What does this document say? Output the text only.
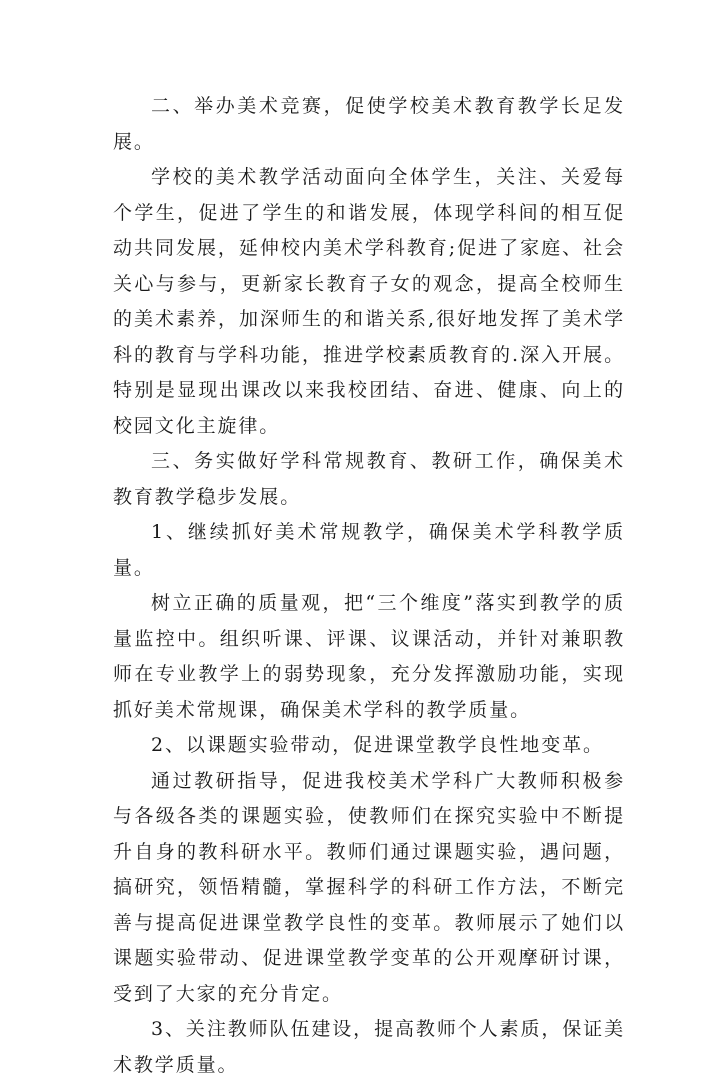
二、举办美术竞赛，促使学校美术教育教学长足发展。

学校的美术教学活动面向全体学生，关注、关爱每个学生，促进了学生的和谐发展，体现学科间的相互促动共同发展，延伸校内美术学科教育;促进了家庭、社会关心与参与，更新家长教育子女的观念，提高全校师生的美术素养，加深师生的和谐关系,很好地发挥了美术学科的教育与学科功能，推进学校素质教育的.深入开展。特别是显现出课改以来我校团结、奋进、健康、向上的校园文化主旋律。

三、务实做好学科常规教育、教研工作，确保美术教育教学稳步发展。

1、继续抓好美术常规教学，确保美术学科教学质量。

树立正确的质量观，把“三个维度”落实到教学的质量监控中。组织听课、评课、议课活动，并针对兼职教师在专业教学上的弱势现象，充分发挥激励功能，实现抓好美术常规课，确保美术学科的教学质量。

2、以课题实验带动，促进课堂教学良性地变革。

通过教研指导，促进我校美术学科广大教师积极参与各级各类的课题实验，使教师们在探究实验中不断提升自身的教科研水平。教师们通过课题实验，遇问题，搞研究，领悟精髓，掌握科学的科研工作方法，不断完善与提高促进课堂教学良性的变革。教师展示了她们以课题实验带动、促进课堂教学变革的公开观摩研讨课，受到了大家的充分肯定。

3、关注教师队伍建设，提高教师个人素质，保证美术教学质量。
